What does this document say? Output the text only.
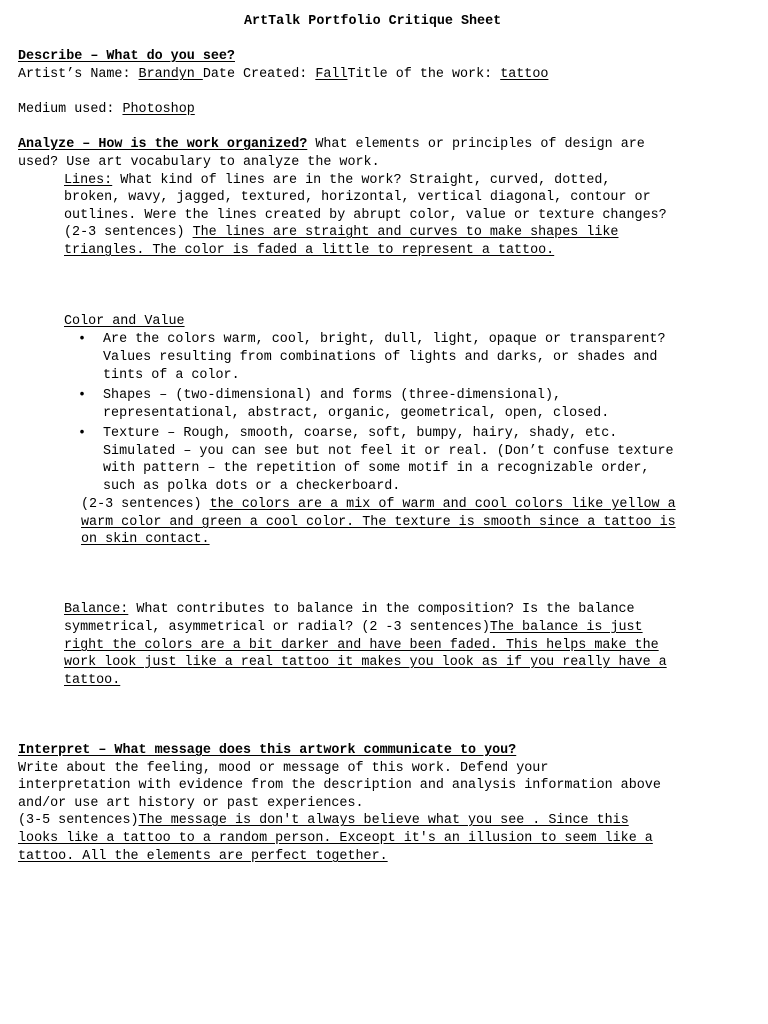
ArtTalk Portfolio Critique Sheet
Describe – What do you see?
Artist’s Name: Brandyn Date Created: FallTitle of the work: tattoo
Medium used: Photoshop
Analyze – How is the work organized? What elements or principles of design are
used? Use art vocabulary to analyze the work.
Lines: What kind of lines are in the work? Straight, curved, dotted,
broken, wavy, jagged, textured, horizontal, vertical diagonal, contour or
outlines. Were the lines created by abrupt color, value or texture changes?
(2-3 sentences) The lines are straight and curves to make shapes like
triangles. The color is faded a little to represent a tattoo.
Color and Value
• Are the colors warm, cool, bright, dull, light, opaque or transparent?
Values resulting from combinations of lights and darks, or shades and
tints of a color.
• Shapes – (two-dimensional) and forms (three-dimensional),
representational, abstract, organic, geometrical, open, closed.
• Texture – Rough, smooth, coarse, soft, bumpy, hairy, shady, etc.
Simulated – you can see but not feel it or real. (Don’t confuse texture
with pattern – the repetition of some motif in a recognizable order,
such as polka dots or a checkerboard.
(2-3 sentences) the colors are a mix of warm and cool colors like yellow a
warm color and green a cool color. The texture is smooth since a tattoo is
on skin contact.
Balance: What contributes to balance in the composition? Is the balance
symmetrical, asymmetrical or radial? (2 -3 sentences)The balance is just
right the colors are a bit darker and have been faded. This helps make the
work look just like a real tattoo it makes you look as if you really have a
tattoo.
Interpret – What message does this artwork communicate to you?
Write about the feeling, mood or message of this work. Defend your
interpretation with evidence from the description and analysis information above
and/or use art history or past experiences.
(3-5 sentences)The message is don't always believe what you see . Since this
looks like a tattoo to a random person. Exceopt it's an illusion to seem like a
tattoo. All the elements are perfect together.
